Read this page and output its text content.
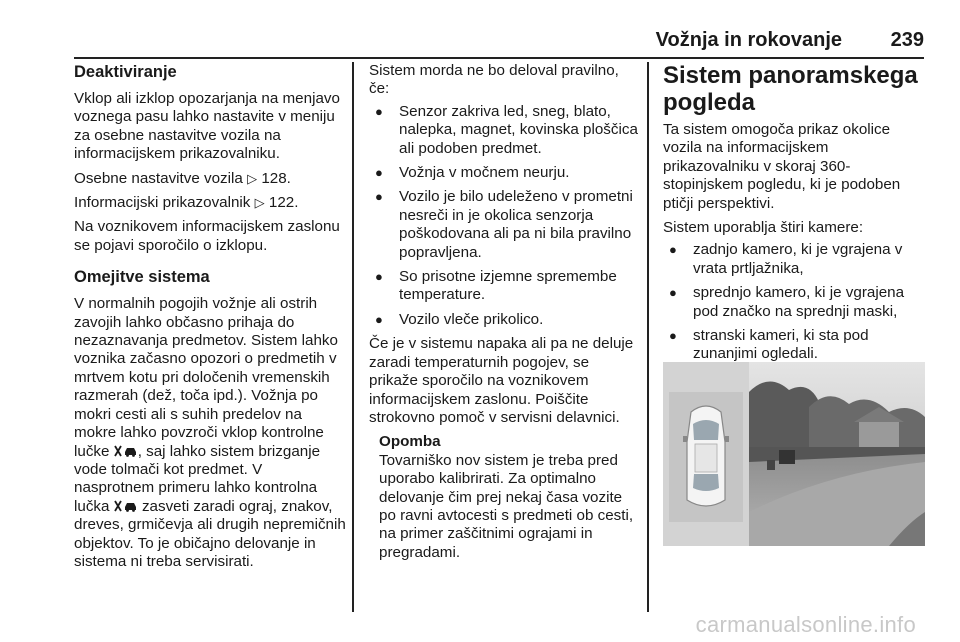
Vožnja in rokovanje 239
Deaktiviranje

Vklop ali izklop opozarjanja na menjavo voznega pasu lahko nastavite v meniju za osebne nastavitve vozila na informacijskem prikazovalniku.

Osebne nastavitve vozila ▷ 128.

Informacijski prikazovalnik ▷ 122.

Na voznikovem informacijskem zaslonu se pojavi sporočilo o izklopu.

Omejitve sistema

V normalnih pogojih vožnje ali ostrih zavojih lahko občasno prihaja do nezaznavanja predmetov. Sistem lahko voznika začasno opozori o predmetih v mrtvem kotu pri določenih vremenskih razmerah (dež, toča ipd.). Vožnja po mokri cesti ali s suhih predelov na mokre lahko povzroči vklop kontrolne lučke , saj lahko sistem brizganje vode tolmači kot predmet. V nasprotnem primeru lahko kontrolna lučka zasveti zaradi ograj, znakov, dreves, grmičevja ali drugih nepremičnih objektov. To je običajno delovanje in sistema ni treba servisirati.

Sistem morda ne bo deloval pravilno, če:

● Senzor zakriva led, sneg, blato, nalepka, magnet, kovinska ploščica ali podoben predmet.
● Vožnja v močnem neurju.
● Vozilo je bilo udeleženo v prometni nesreči in je okolica senzorja poškodovana ali pa ni bila pravilno popravljena.
● So prisotne izjemne spremembe temperature.
● Vozilo vleče prikolico.

Če je v sistemu napaka ali pa ne deluje zaradi temperaturnih pogojev, se prikaže sporočilo na voznikovem informacijskem zaslonu. Poiščite strokovno pomoč v servisni delavnici.

Opomba
Tovarniško nov sistem je treba pred uporabo kalibrirati. Za optimalno delovanje čim prej nekaj časa vozite po ravni avtocesti s predmeti ob cesti, na primer zaščitnimi ograjami in pregradami.
Sistem panoramskega pogleda

Ta sistem omogoča prikaz okolice vozila na informacijskem prikazovalniku v skoraj 360-stopinjskem pogledu, ki je podoben ptičji perspektivi.

Sistem uporablja štiri kamere:

● zadnjo kamero, ki je vgrajena v vrata prtljažnika,
● sprednjo kamero, ki je vgrajena pod značko na sprednji maski,
● stranski kameri, ki sta pod zunanjimi ogledali.
carmanualsonline.info
